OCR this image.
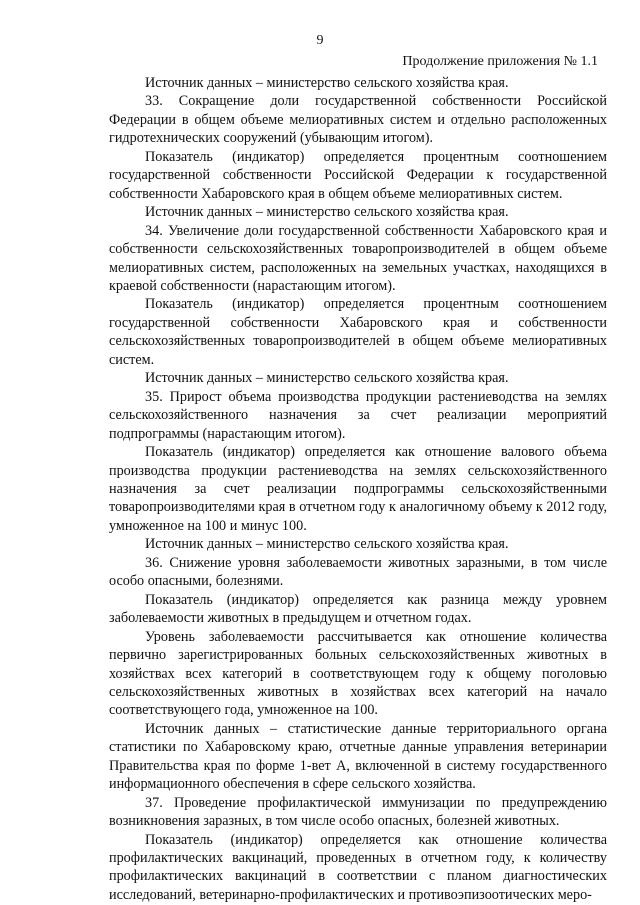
9
Продолжение приложения № 1.1

Источник данных – министерство сельского хозяйства края.

33. Сокращение доли государственной собственности Российской Федерации в общем объеме мелиоративных систем и отдельно расположенных гидротехнических сооружений (убывающим итогом).

Показатель (индикатор) определяется процентным соотношением государственной собственности Российской Федерации к государственной собственности Хабаровского края в общем объеме мелиоративных систем.

Источник данных – министерство сельского хозяйства края.

34. Увеличение доли государственной собственности Хабаровского края и собственности сельскохозяйственных товаропроизводителей в общем объеме мелиоративных систем, расположенных на земельных участках, находящихся в краевой собственности (нарастающим итогом).

Показатель (индикатор) определяется процентным соотношением государственной собственности Хабаровского края и собственности сельскохозяйственных товаропроизводителей в общем объеме мелиоративных систем.

Источник данных – министерство сельского хозяйства края.

35. Прирост объема производства продукции растениеводства на землях сельскохозяйственного назначения за счет реализации мероприятий подпрограммы (нарастающим итогом).

Показатель (индикатор) определяется как отношение валового объема производства продукции растениеводства на землях сельскохозяйственного назначения за счет реализации подпрограммы сельскохозяйственными товаропроизводителями края в отчетном году к аналогичному объему к 2012 году, умноженное на 100 и минус 100.

Источник данных – министерство сельского хозяйства края.

36. Снижение уровня заболеваемости животных заразными, в том числе особо опасными, болезнями.

Показатель (индикатор) определяется как разница между уровнем заболеваемости животных в предыдущем и отчетном годах.

Уровень заболеваемости рассчитывается как отношение количества первично зарегистрированных больных сельскохозяйственных животных в хозяйствах всех категорий в соответствующем году к общему поголовью сельскохозяйственных животных в хозяйствах всех категорий на начало соответствующего года, умноженное на 100.

Источник данных – статистические данные территориального органа статистики по Хабаровскому краю, отчетные данные управления ветеринарии Правительства края по форме 1-вет А, включенной в систему государственного информационного обеспечения в сфере сельского хозяйства.

37. Проведение профилактической иммунизации по предупреждению возникновения заразных, в том числе особо опасных, болезней животных.

Показатель (индикатор) определяется как отношение количества профилактических вакцинаций, проведенных в отчетном году, к количеству профилактических вакцинаций в соответствии с планом диагностических исследований, ветеринарно-профилактических и противоэпизоотических меро-
